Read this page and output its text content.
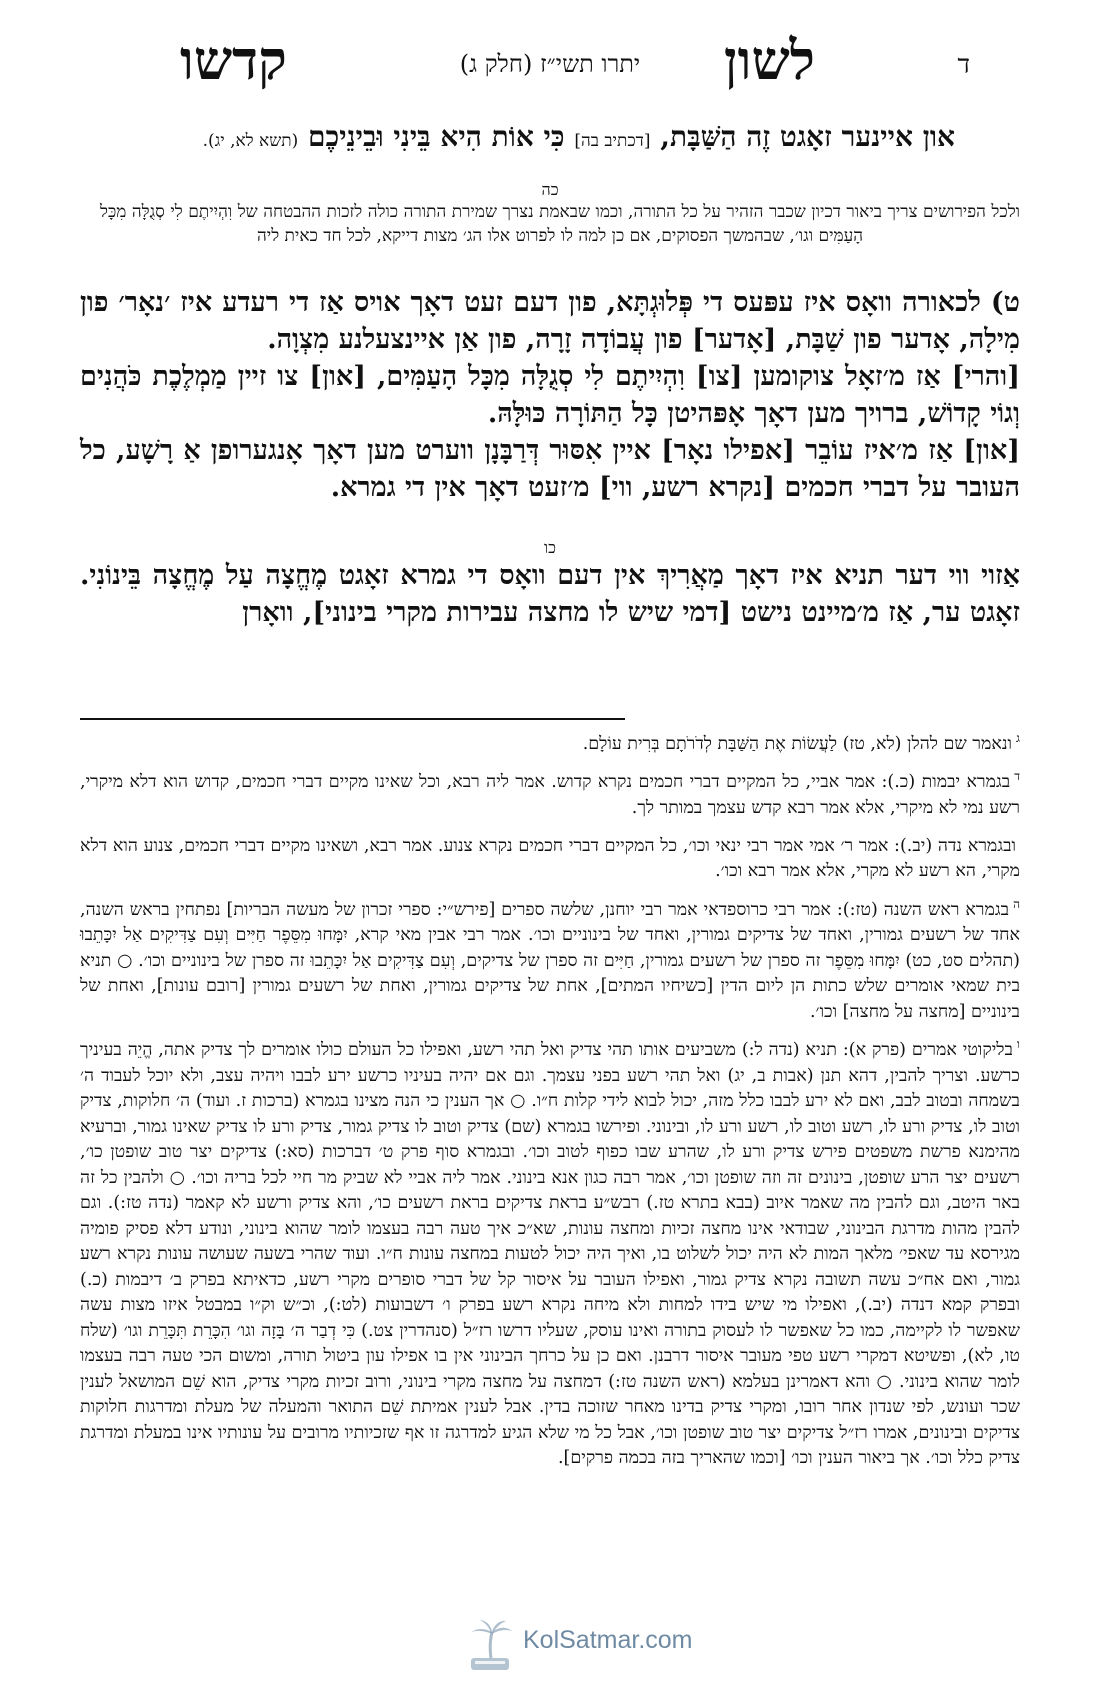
ד
לשון
יתרו תשי״ז (חלק ג)
קדשו
און איינער זאָגט זֶה הַשַּׁבָּת, [דכתיב בה] כִּי אוֹת הִיא בֵּינִי וּבֵינֵיכֶם (תשא לא, יג).
כה
ולכל הפירושים צריך ביאור דכיון שכבר הזהיר על כל התורה, וכמו שבאמת נצרך שמירת התורה כולה לזכות ההבטחה של וִהְיִיתֶם לִי סְגֻלָּה מִכָּל הָעַמִּים וגו׳, שבהמשך הפסוקים, אם כן למה לו לפרוט אלו הג׳ מצות דייקא, לכל חד כאית ליה

ט) לכאורה וואָס איז עפּעס די פְּלוּגְתָּא, פון דעם זעט דאָך אויס אַז די רעדע איז ׳נאָר׳ פון מִילָה, אָדער פון שַׁבָּת, [אָדער] פון עֲבוֹדָה זָרָה, פון אַן איינצעלנע מִצְוָה.

[והרי] אַז מ׳זאָל צוקומען [צו] וִהְיִיתֶם לִי סְגֻלָּה מִכָּל הָעַמִּים, [און] צו זיין מַמְלֶכֶת כֹּהֲנִים וְגוֹי קָדוֹשׁ, ברויך מען דאָך אָפּהיטן כָּל הַתּוֹרָה כּוּלָּהּ.

[און] אַז מ׳איז עוֹבֵר [אפילו נאָר] איין אִסּוּר דְּרַבָּנָן ווערט מען דאָך אָנגערופן אַ רָשָׁע, כל העובר על דברי חכמים [נקרא רשע, ווי] מ׳זעט דאָך אין די גמרא.

כו
אַזוי ווי דער תניא איז דאָך מַאֲרִיךְ אין דעם וואָס די גמרא זאָגט מֶחֱצָה עַל מֶחֱצָה בֵּינוֹנִי. זאָגט ער, אַז מ׳מיינט נישט [דמי שיש לו מחצה עבירות מקרי בינוני], וואָרן

$^ג$ונאמר שם להלן (לא, טז) לַעֲשׂוֹת אֶת הַשַּׁבָּת לְדֹרֹתָם בְּרִית עוֹלָם.

$^ד$בגמרא יבמות (כ.): אמר אביי, כל המקיים דברי חכמים נקרא קדוש. אמר ליה רבא, וכל שאינו מקיים דברי חכמים, קדוש הוא דלא מיקרי, רשע נמי לא מיקרי, אלא אמר רבא קדש עצמך במותר לך.

ובגמרא נדה (יב.): אמר ר׳ אמי אמר רבי ינאי וכו׳, כל המקיים דברי חכמים נקרא צנוע. אמר רבא, ושאינו מקיים דברי חכמים, צנוע הוא דלא מקרי, הא רשע לא מקרי, אלא אמר רבא וכו׳.

$^ה$בגמרא ראש השנה (טז:): אמר רבי כרוספדאי אמר רבי יוחנן, שלשה ספרים [פירש״י: ספרי זכרון של מעשה הבריות] נפתחין בראש השנה, אחד של רשעים גמורין, ואחד של צדיקים גמורין, ואחד של בינוניים וכו׳. אמר רבי אבין מאי קרא, יִמָּחוּ מִסֵּפֶר חַיִּים וְעִם צַדִּיקִים אַל יִכָּתֵבוּ (תהלים סט, כט) יִמָּחוּ מִסֵּפֶר זה ספרן של רשעים גמורין, חַיִּים זה ספרן של צדיקים, וְעִם צַדִּיקִים אַל יִכָּתֵבוּ זה ספרן של בינוניים וכו׳. ○ תניא בית שמאי אומרים שלש כתות הן ליום הדין [כשיחיו המתים], אחת של צדיקים גמורין, ואחת של רשעים גמורין [רובם עונות], ואחת של בינוניים [מחצה על מחצה] וכו׳.

$^ו$בליקוטי אמרים (פרק א): תניא (נדה ל:) משביעים אותו תהי צדיק ואל תהי רשע, ואפילו כל העולם כולו אומרים לך צדיק אתה, הֱיֵה בעיניך כרשע. וצריך להבין, דהא תנן (אבות ב, יג) ואל תהי רשע בפני עצמך. וגם אם יהיה בעיניו כרשע ירע לבבו ויהיה עצב, ולא יוכל לעבוד ה׳ בשמחה ובטוב לבב, ואם לא ירע לבבו כלל מזה, יכול לבוא לידי קלות ח״ו. ○ אך הענין כי הנה מצינו בגמרא (ברכות ז. ועוד) ה׳ חלוקות, צדיק וטוב לו, צדיק ורע לו, רשע וטוב לו, רשע ורע לו, ובינוני. ופירשו בגמרא (שם) צדיק וטוב לו צדיק גמור, צדיק ורע לו צדיק שאינו גמור, וברעיא מהימנא פרשת משפטים פירש צדיק ורע לו, שהרע שבו כפוף לטוב וכו׳. ובגמרא סוף פרק ט׳ דברכות (סא:) צדיקים יצר טוב שופטן כו׳, רשעים יצר הרע שופטן, בינונים זה וזה שופטן וכו׳, אמר רבה כגון אנא בינוני. אמר ליה אביי לא שביק מר חיי לכל בריה וכו׳. ○ ולהבין כל זה באר היטב, וגם להבין מה שאמר איוב (בבא בתרא טז.) רבש״ע בראת צדיקים בראת רשעים כו׳, והא צדיק ורשע לא קאמר (נדה טז:). וגם להבין מהות מדרגת הבינוני, שבודאי אינו מחצה זכיות ומחצה עונות, שא״כ איך טעה רבה בעצמו לומר שהוא בינוני, ונודע דלא פסיק פומיה מגירסא עד שאפי׳ מלאך המות לא היה יכול לשלוט בו, ואיך היה יכול לטעות במחצה עונות ח״ו. ועוד שהרי בשעה שעושה עונות נקרא רשע גמור, ואם אח״כ עשה תשובה נקרא צדיק גמור, ואפילו העובר על איסור קל של דברי סופרים מקרי רשע, כדאיתא בפרק ב׳ דיבמות (כ.) ובפרק קמא דנדה (יב.), ואפילו מי שיש בידו למחות ולא מיחה נקרא רשע בפרק ו׳ דשבועות (לט:), וכ״ש וק״ו במבטל איזו מצות עשה שאפשר לו לקיימה, כמו כל שאפשר לו לעסוק בתורה ואינו עוסק, שעליו דרשו רז״ל (סנהדרין צט.) כִּי דְבַר ה׳ בָּזָה וגו׳ הִכָּרֵת תִּכָּרֵת וגו׳ (שלח טו, לא), ופשיטא דמקרי רשע טפי מעובר איסור דרבנן. ואם כן על כרחך הבינוני אין בו אפילו עון ביטול תורה, ומשום הכי טעה רבה בעצמו לומר שהוא בינוני. ○ והא דאמרינן בעלמא (ראש השנה טז:) דמחצה על מחצה מקרי בינוני, ורוב זכיות מקרי צדיק, הוא שֵׁם המושאל לענין שכר ועונש, לפי שנדון אחר רובו, ומקרי צדיק בדינו מאחר שזוכה בדין. אבל לענין אמיתת שֵׁם התואר והמעלה של מעלת ומדרגות חלוקות צדיקים ובינונים, אמרו רז״ל צדיקים יצר טוב שופטן וכו׳, אבל כל מי שלא הגיע למדרגה זו אף שזכיותיו מרובים על עונותיו אינו במעלת ומדרגת צדיק כלל וכו׳. אך ביאור הענין וכו׳ [וכמו שהאריך בזה בכמה פרקים].

KolSatmar.com
